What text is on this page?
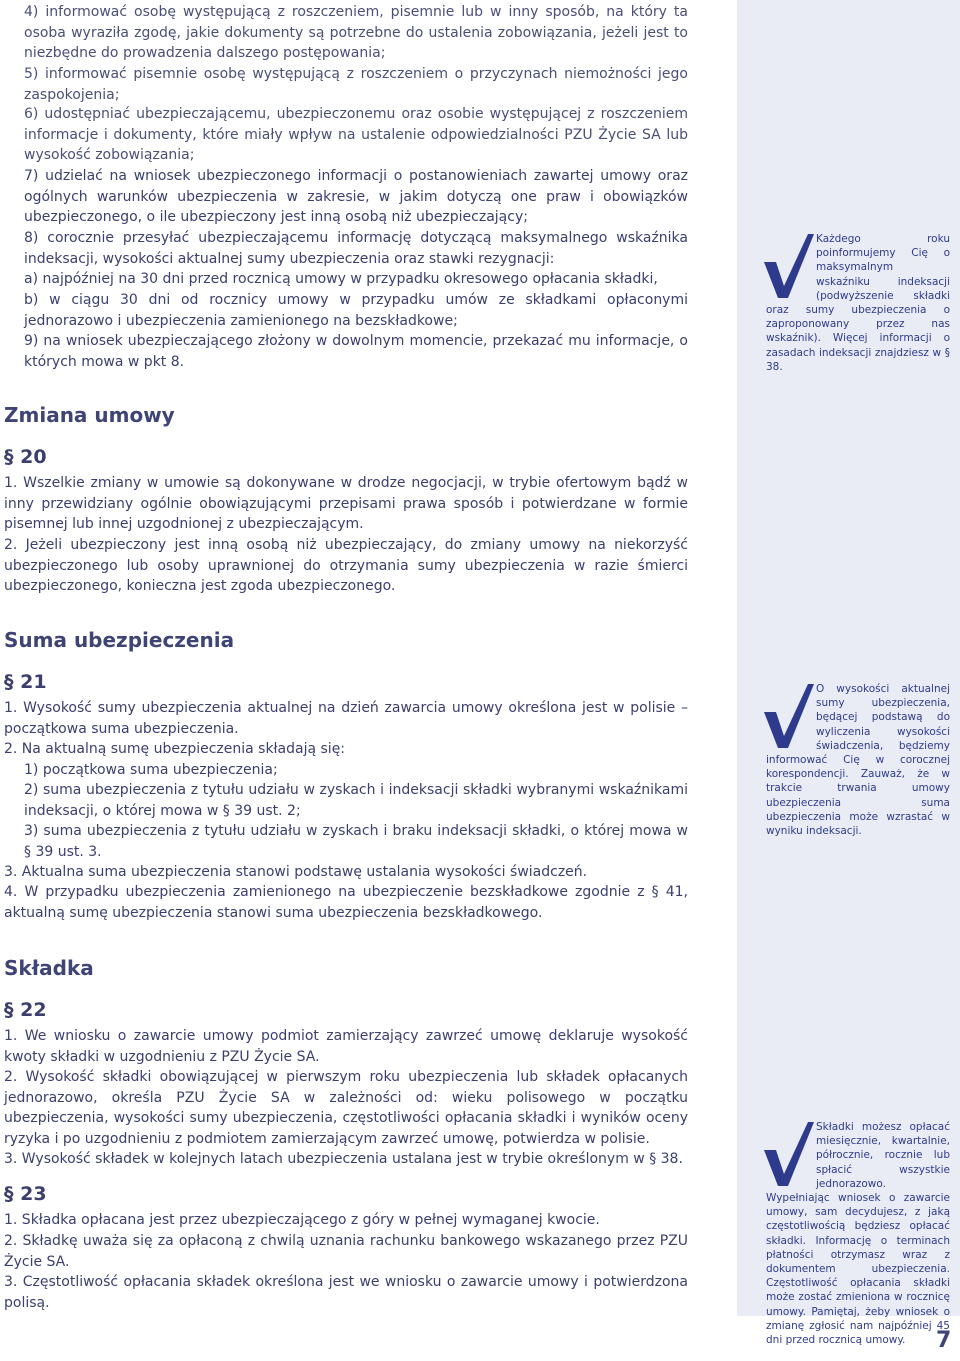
4) informować osobę występującą z roszczeniem, pisemnie lub w inny sposób, na który ta osoba wyraziła zgodę, jakie dokumenty są potrzebne do ustalenia zobowiązania, jeżeli jest to niezbędne do prowadzenia dalszego postępowania;
5) informować pisemnie osobę występującą z roszczeniem o przyczynach niemożności jego zaspokojenia;
6) udostępniać ubezpieczającemu, ubezpieczonemu oraz osobie występującej z roszczeniem informacje i dokumenty, które miały wpływ na ustalenie odpowiedzialności PZU Życie SA lub wysokość zobowiązania;
7) udzielać na wniosek ubezpieczonego informacji o postanowieniach zawartej umowy oraz ogólnych warunków ubezpieczenia w zakresie, w jakim dotyczą one praw i obowiązków ubezpieczonego, o ile ubezpieczony jest inną osobą niż ubezpieczający;
8) corocznie przesyłać ubezpieczającemu informację dotyczącą maksymalnego wskaźnika indeksacji, wysokości aktualnej sumy ubezpieczenia oraz stawki rezygnacji:
a) najpóźniej na 30 dni przed rocznicą umowy w przypadku okresowego opłacania składki,
b) w ciągu 30 dni od rocznicy umowy w przypadku umów ze składkami opłaconymi jednorazowo i ubezpieczenia zamienionego na bezskładkowe;
9) na wniosek ubezpieczającego złożony w dowolnym momencie, przekazać mu informacje, o których mowa w pkt 8.
Zmiana umowy
§ 20
1. Wszelkie zmiany w umowie są dokonywane w drodze negocjacji, w trybie ofertowym bądź w inny przewidziany ogólnie obowiązującymi przepisami prawa sposób i potwierdzane w formie pisemnej lub innej uzgodnionej z ubezpieczającym.
2. Jeżeli ubezpieczony jest inną osobą niż ubezpieczający, do zmiany umowy na niekorzyść ubezpieczonego lub osoby uprawnionej do otrzymania sumy ubezpieczenia w razie śmierci ubezpieczonego, konieczna jest zgoda ubezpieczonego.
Suma ubezpieczenia
§ 21
1. Wysokość sumy ubezpieczenia aktualnej na dzień zawarcia umowy określona jest w polisie – początkowa suma ubezpieczenia.
2. Na aktualną sumę ubezpieczenia składają się:
1) początkowa suma ubezpieczenia;
2) suma ubezpieczenia z tytułu udziału w zyskach i indeksacji składki wybranymi wskaźnikami indeksacji, o której mowa w § 39 ust. 2;
3) suma ubezpieczenia z tytułu udziału w zyskach i braku indeksacji składki, o której mowa w § 39 ust. 3.
3. Aktualna suma ubezpieczenia stanowi podstawę ustalania wysokości świadczeń.
4. W przypadku ubezpieczenia zamienionego na ubezpieczenie bezskładkowe zgodnie z § 41, aktualną sumę ubezpieczenia stanowi suma ubezpieczenia bezskładkowego.
Składka
§ 22
1. We wniosku o zawarcie umowy podmiot zamierzający zawrzeć umowę deklaruje wysokość kwoty składki w uzgodnieniu z PZU Życie SA.
2. Wysokość składki obowiązującej w pierwszym roku ubezpieczenia lub składek opłacanych jednorazowo, określa PZU Życie SA w zależności od: wieku polisowego w początku ubezpieczenia, wysokości sumy ubezpieczenia, częstotliwości opłacania składki i wyników oceny ryzyka i po uzgodnieniu z podmiotem zamierzającym zawrzeć umowę, potwierdza w polisie.
3. Wysokość składek w kolejnych latach ubezpieczenia ustalana jest w trybie określonym w § 38.
§ 23
1. Składka opłacana jest przez ubezpieczającego z góry w pełnej wymaganej kwocie.
2. Składkę uważa się za opłaconą z chwilą uznania rachunku bankowego wskazanego przez PZU Życie SA.
3. Częstotliwość opłacania składek określona jest we wniosku o zawarcie umowy i potwierdzona polisą.
Każdego roku poinformujemy Cię o maksymalnym wskaźniku indeksacji (podwyższenie składki oraz sumy ubezpieczenia o zaproponowany przez nas wskaźnik). Więcej informacji o zasadach indeksacji znajdziesz w § 38.
O wysokości aktualnej sumy ubezpieczenia, będącej podstawą do wyliczenia wysokości świadczenia, będziemy informować Cię w corocznej korespondencji. Zauważ, że w trakcie trwania umowy ubezpieczenia suma ubezpieczenia może wzrastać w wyniku indeksacji.
Składki możesz opłacać miesięcznie, kwartalnie, półrocznie, rocznie lub spłacić wszystkie jednorazowo. Wypełniając wniosek o zawarcie umowy, sam decydujesz, z jaką częstotliwością będziesz opłacać składki. Informację o terminach płatności otrzymasz wraz z dokumentem ubezpieczenia. Częstotliwość opłacania składki może zostać zmieniona w rocznicę umowy. Pamiętaj, żeby wniosek o zmianę zgłosić nam najpóźniej 45 dni przed rocznicą umowy.	7
